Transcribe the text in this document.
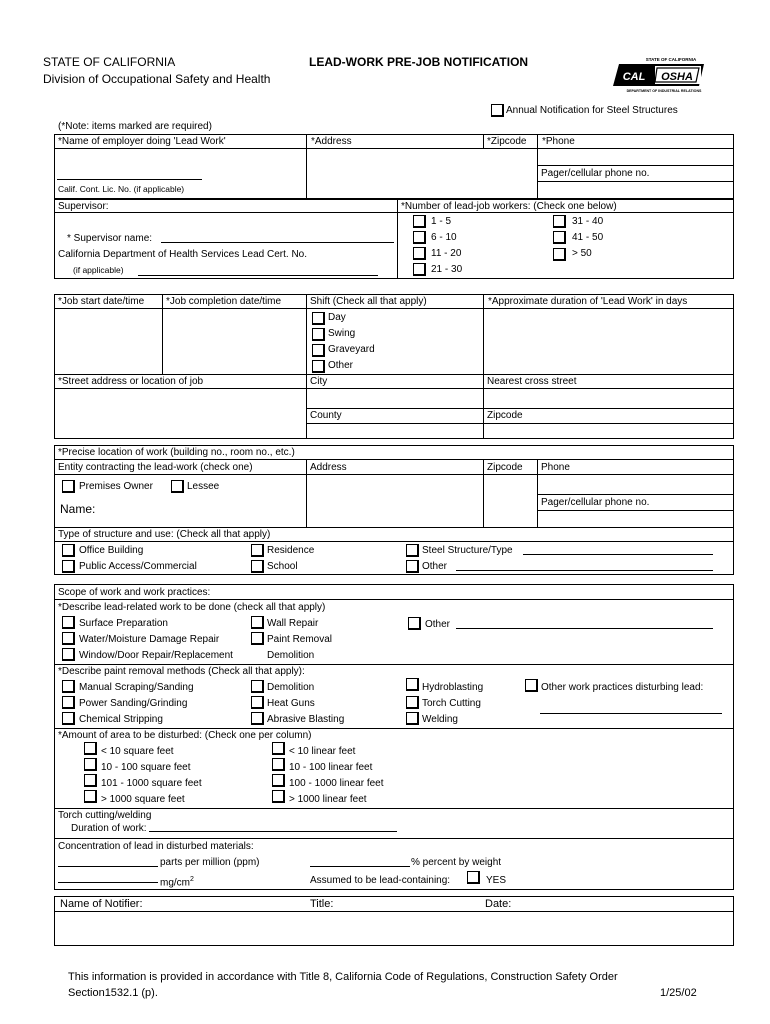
STATE OF CALIFORNIA
Division of Occupational Safety and Health
LEAD-WORK PRE-JOB NOTIFICATION
CAL OSHA
STATE OF CALIFORNIA
DEPARTMENT OF INDUSTRIAL RELATIONS
Annual Notification for Steel Structures
(*Note: items marked are required)
*Name of employer doing 'Lead Work'	*Address	*Zipcode *Phone
Pager/cellular phone no.
Calif. Cont. Lic. No. (if applicable)
Supervisor:	*Number of lead-job workers: (Check one below)
* Supervisor name:
California Department of Health Services Lead Cert. No.
(if applicable)
1 - 5
6 - 10
11 - 20
21 - 30
31 - 40
41 - 50
> 50
*Job start date/time *Job completion date/time	Shift (Check all that apply)	*Approximate duration of 'Lead Work' in days
Day
Swing
Graveyard
Other
*Street address or location of job	City	Nearest cross street
County	Zipcode
*Precise location of work (building no., room no., etc.)
Entity contracting the lead-work (check one)	Address	Zipcode Phone
Premises Owner	Lessee
Name:	Pager/cellular phone no.
Type of structure and use: (Check all that apply)
Office Building
Public Access/Commercial
Residence
School
Steel Structure/Type
Other
Scope of work and work practices:
*Describe lead-related work to be done (check all that apply)
Surface Preparation
Water/Moisture Damage Repair
Window/Door Repair/Replacement
Wall Repair
Paint Removal
Demolition
Other
*Describe paint removal methods (Check all that apply):
Manual Scraping/Sanding
Power Sanding/Grinding
Chemical Stripping
Demolition
Heat Guns
Abrasive Blasting
Hydroblasting
Torch Cutting
Welding
Other work practices disturbing lead:
*Amount of area to be disturbed: (Check one per column)
< 10 square feet
10 - 100 square feet
101 - 1000 square feet
> 1000 square feet
< 10 linear feet
10 - 100 linear feet
100 - 1000 linear feet
> 1000 linear feet
Torch cutting/welding
Duration of work:
Concentration of lead in disturbed materials:
parts per million (ppm)	% percent by weight
$mg/cm^2$	Assumed to be lead-containing:	YES
Name of Notifier:	Title:	Date:
This information is provided in accordance with Title 8, California Code of Regulations, Construction Safety Order
Section1532.1 (p).	1/25/02
